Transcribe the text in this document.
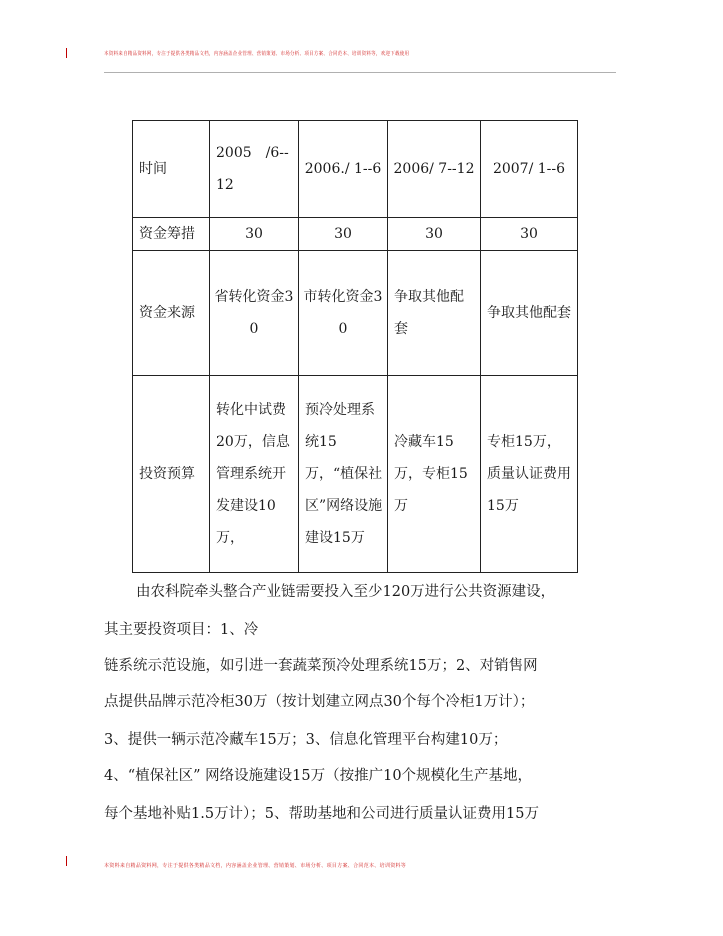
本资料来自精品资料网，专注于提供各类精品文档，内容涵盖企业管理、营销策划、市场分析、项目方案、合同范本、培训资料等，欢迎下载使用
时间	2005　/6--12	2006./ 1--6	2006/ 7--12	2007/ 1--6
资金筹措	30	30	30	30
资金来源	省转化资金30	市转化资金30	争取其他配套	争取其他配套
投资预算	转化中试费20万，信息管理系统开发建设10万，	预冷处理系统15万，“植保社区”网络设施建设15万	冷藏车15万，专柜15万	专柜15万，质量认证费用15万
由农科院牵头整合产业链需要投入至少120万进行公共资源建设，
其主要投资项目：1、冷
链系统示范设施，如引进一套蔬菜预冷处理系统15万；2、对销售网
点提供品牌示范冷柜30万（按计划建立网点30个每个冷柜1万计）；
3、提供一辆示范冷藏车15万；3、信息化管理平台构建10万；
4、“植保社区” 网络设施建设15万（按推广10个规模化生产基地，
每个基地补贴1.5万计）；5、帮助基地和公司进行质量认证费用15万
本资料来自精品资料网，专注于提供各类精品文档，内容涵盖企业管理、营销策划、市场分析、项目方案、合同范本、培训资料等
